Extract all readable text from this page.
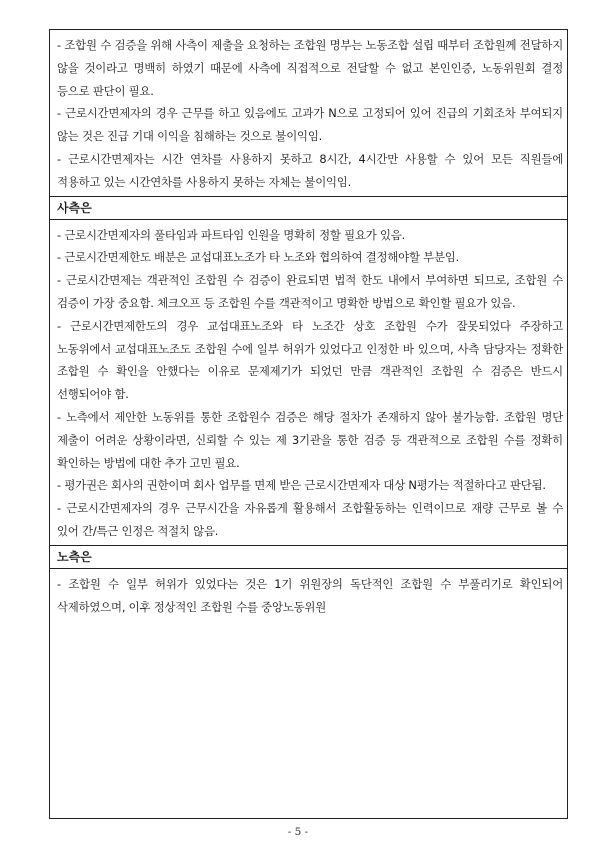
- 조합원 수 검증을 위해 사측이 제출을 요청하는 조합원 명부는 노동조합 설립 때부터 조합원께 전달하지 않을 것이라고 명백히 하였기 때문에 사측에 직접적으로 전달할 수 없고 본인인증, 노동위원회 결정 등으로 판단이 필요.

- 근로시간면제자의 경우 근무를 하고 있음에도 고과가 N으로 고정되어 있어 진급의 기회조차 부여되지 않는 것은 진급 기대 이익을 침해하는 것으로 불이익임.

- 근로시간면제자는 시간 연차를 사용하지 못하고 8시간, 4시간만 사용할 수 있어 모든 직원들에 적용하고 있는 시간연차를 사용하지 못하는 자체는 불이익임.

사측은

- 근로시간면제자의 풀타임과 파트타임 인원을 명확히 정할 필요가 있음.

- 근로시간면제한도 배분은 교섭대표노조가 타 노조와 협의하여 결정해야할 부분임.

- 근로시간면제는 객관적인 조합원 수 검증이 완료되면 법적 한도 내에서 부여하면 되므로, 조합원 수 검증이 가장 중요함. 체크오프 등 조합원 수를 객관적이고 명확한 방법으로 확인할 필요가 있음.

- 근로시간면제한도의 경우 교섭대표노조와 타 노조간 상호 조합원 수가 잘못되었다 주장하고 노동위에서 교섭대표노조도 조합원 수에 일부 허위가 있었다고 인정한 바 있으며, 사측 담당자는 정확한 조합원 수 확인을 안했다는 이유로 문제제기가 되었던 만큼 객관적인 조합원 수 검증은 반드시 선행되어야 함.

- 노측에서 제안한 노동위를 통한 조합원수 검증은 해당 절차가 존재하지 않아 불가능함. 조합원 명단 제출이 어려운 상황이라면, 신뢰할 수 있는 제 3기관을 통한 검증 등 객관적으로 조합원 수를 정확히 확인하는 방법에 대한 추가 고민 필요.

- 평가권은 회사의 권한이며 회사 업무를 면제 받은 근로시간면제자 대상 N평가는 적절하다고 판단됨.

- 근로시간면제자의 경우 근무시간을 자유롭게 활용해서 조합활동하는 인력이므로 재량 근무로 볼 수 있어 간/특근 인정은 적절치 않음.

노측은

- 조합원 수 일부 허위가 있었다는 것은 1기 위원장의 독단적인 조합원 수 부풀리기로 확인되어 삭제하였으며, 이후 정상적인 조합원 수를 중앙노동위원

- 5 -
